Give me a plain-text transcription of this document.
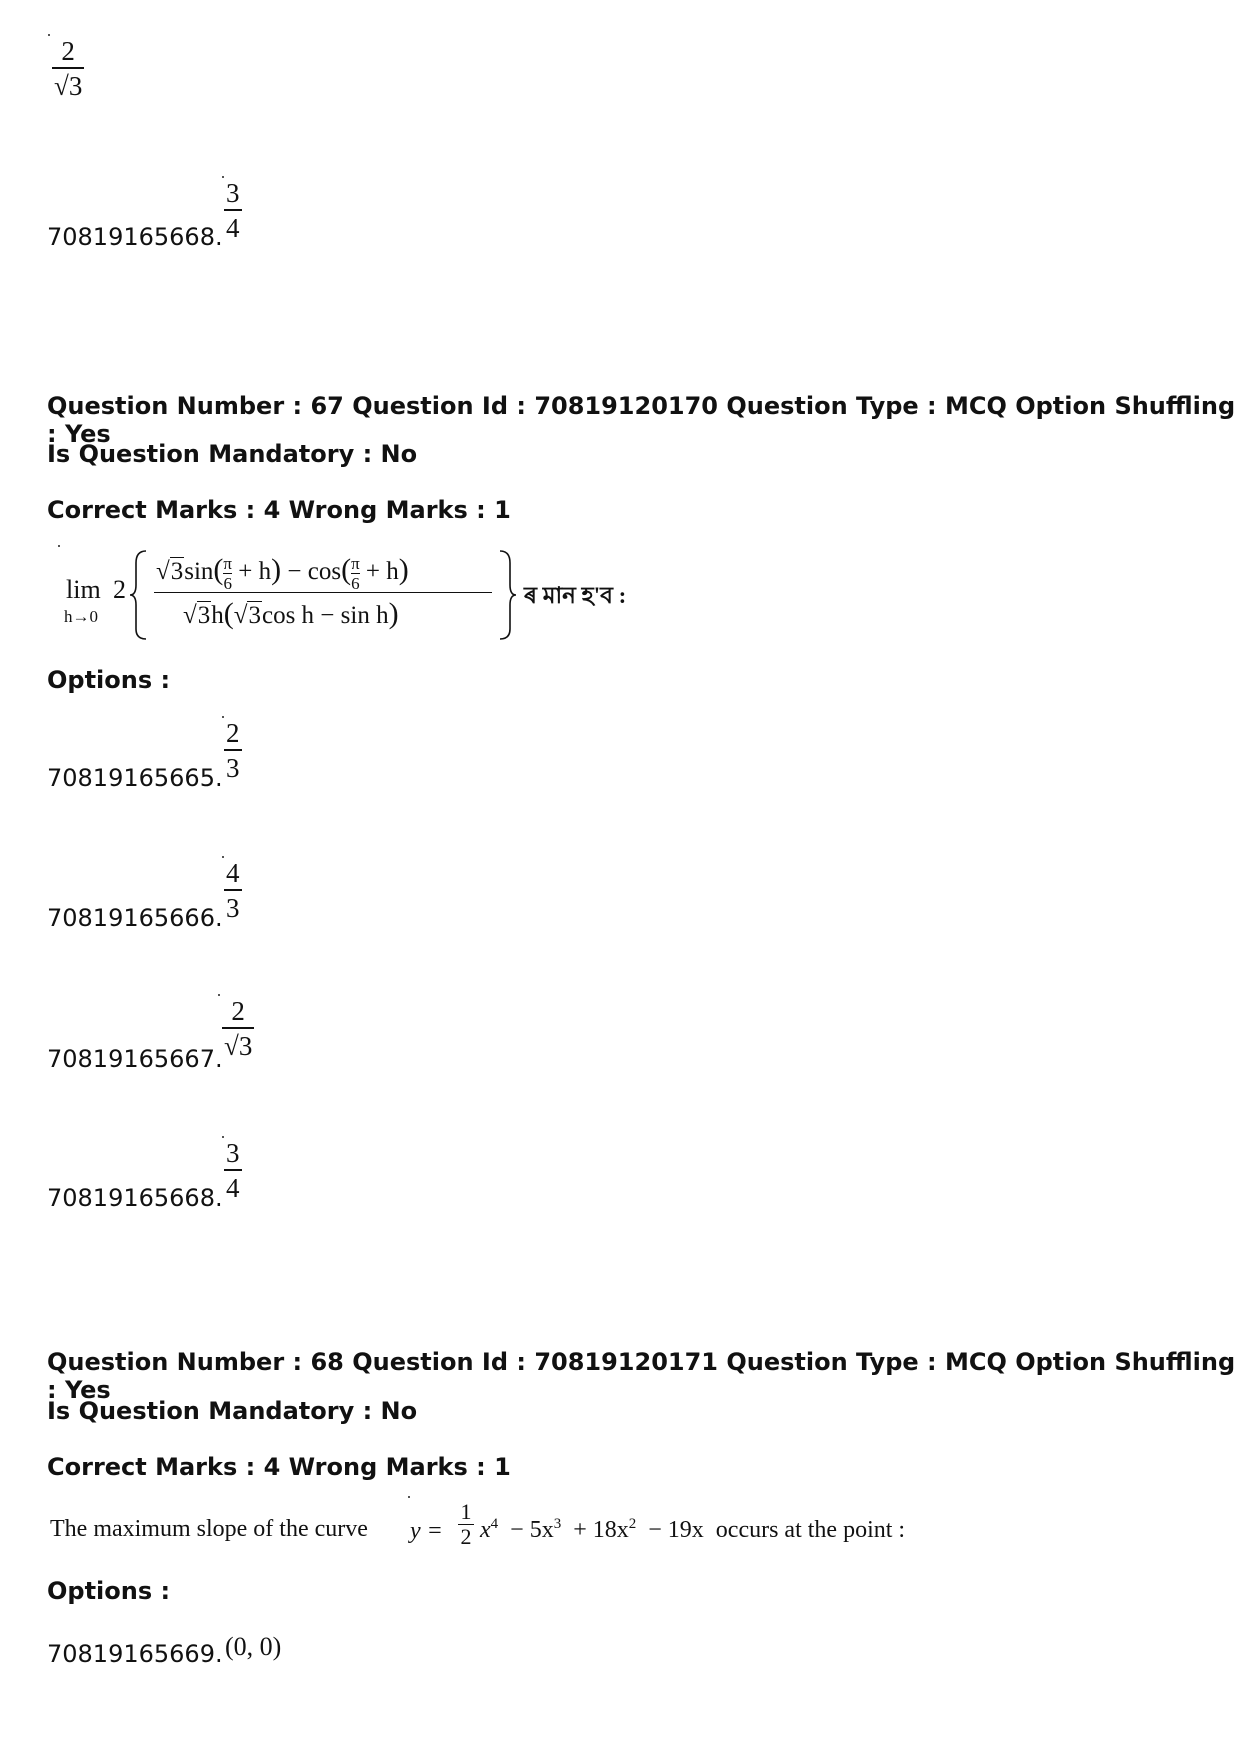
2
√3
70819165668.
3
4
Question Number : 67 Question Id : 70819120170 Question Type : MCQ Option Shuffling : Yes
Is Question Mandatory : No
Correct Marks : 4 Wrong Marks : 1
lim
h→0
2
$√3\sin(\frac{\pi}{6} + h) - \cos(\frac{\pi}{6} + h)$
√3h(√3cos h − sin h)
ৰ মান হ'ব :
Options :
70819165665.
2
3
70819165666.
4
3
70819165667.
2
√3
70819165668.
3
4
Question Number : 68 Question Id : 70819120171 Question Type : MCQ Option Shuffling : Yes
Is Question Mandatory : No
Correct Marks : 4 Wrong Marks : 1
The maximum slope of the curve y =
1
2 $x^4 - 5x^3 + 18x^2 - 19x$ occurs at the point :
Options :
70819165669. (0, 0)
